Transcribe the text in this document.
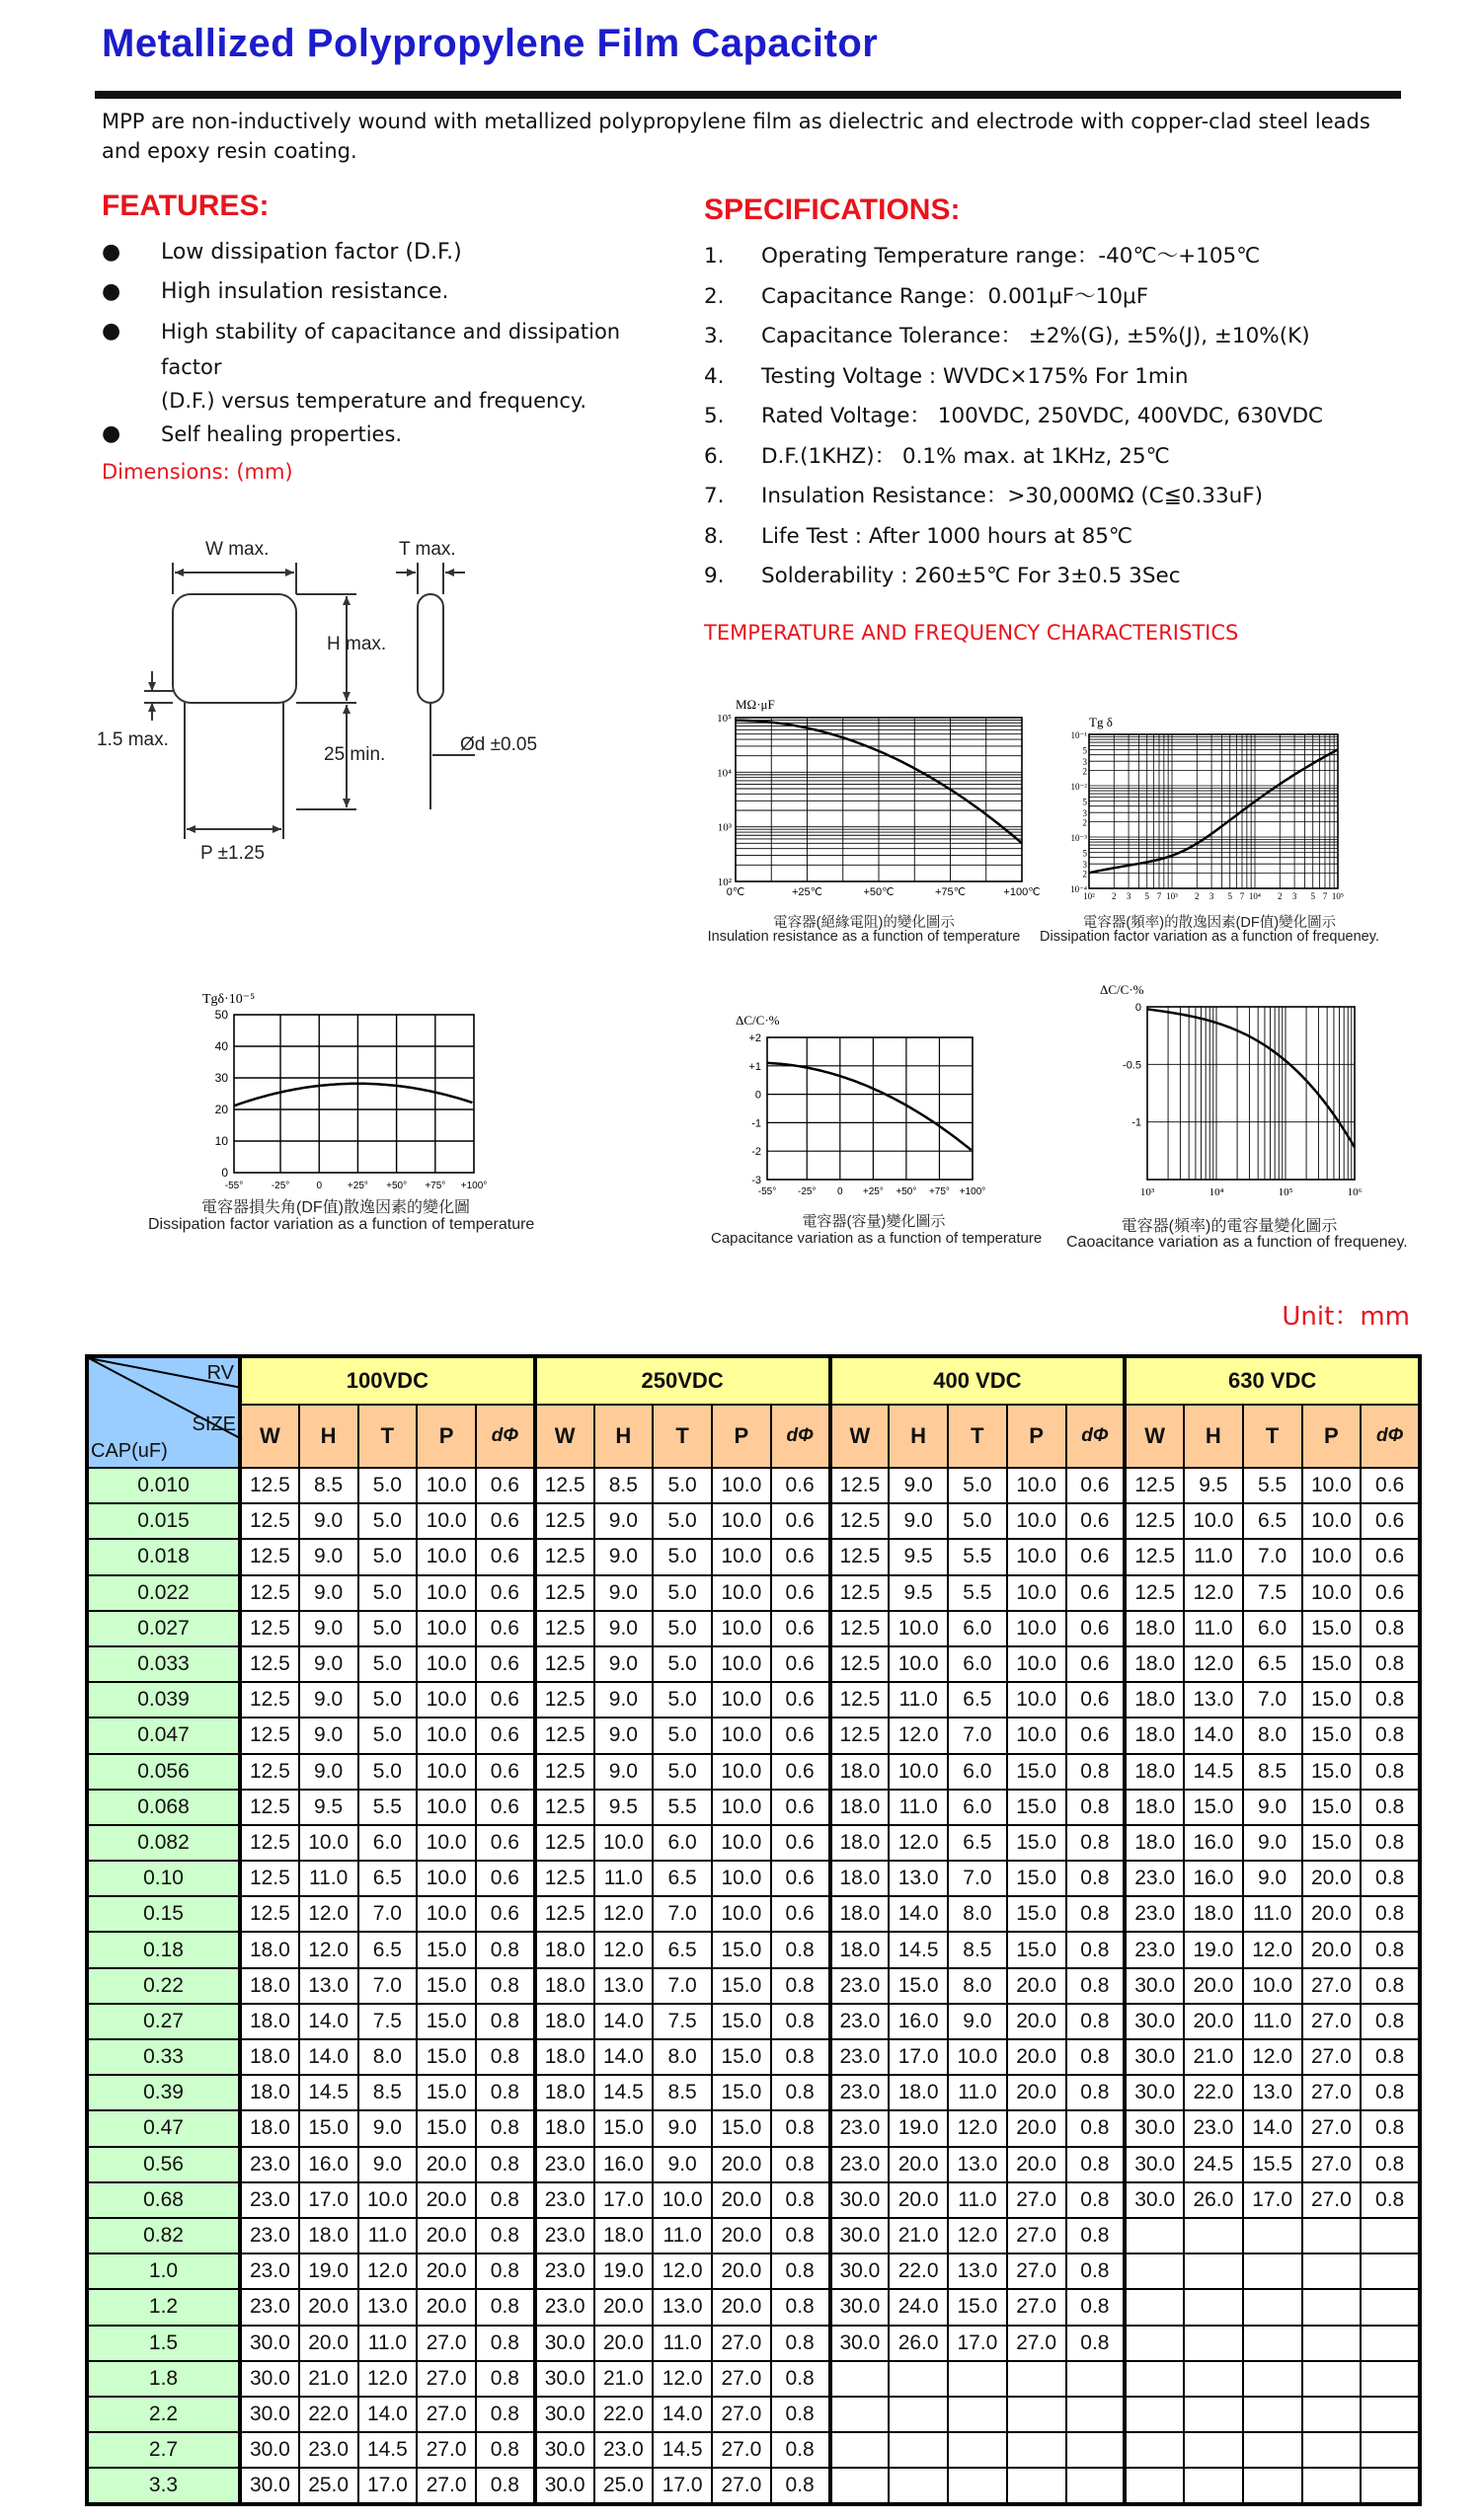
Metallized Polypropylene Film Capacitor
MPP are non-inductively wound with metallized polypropylene film as dielectric and electrode with copper-clad steel leads and epoxy resin coating.
FEATURES:
● Low dissipation factor (D.F.)
● High insulation resistance.
● High stability of capacitance and dissipation factor
(D.F.) versus temperature and frequency.
● Self healing properties.
SPECIFICATIONS:
1. Operating Temperature range：-40℃～+105℃
2. Capacitance Range：0.001μF～10μF
3. Capacitance Tolerance： ±2%(G), ±5%(J), ±10%(K)
4. Testing Voltage : WVDC×175% For 1min
5. Rated Voltage： 100VDC, 250VDC, 400VDC, 630VDC
6. D.F.(1KHZ)： 0.1% max. at 1KHz, 25℃
7. Insulation Resistance：>30,000MΩ (C≦0.33uF)
8. Life Test : After 1000 hours at 85℃
9. Solderability : 260±5℃ For 3±0.5 3Sec
Dimensions: (mm)
W max.	T max.
H max.
25 min.
1.5 max.	Ød ±0.05
P ±1.25
TEMPERATURE AND FREQUENCY CHARACTERISTICS
MΩ·μF
10⁵
10⁴
10³
10²
0℃	+25℃	+50℃	+75℃	+100℃
電容器(絕緣電阻)的變化圖示
Insulation resistance as a function of temperature
Tg δ
10⁻¹
5
3
2
10⁻²
5
3
2
10⁻³
5
3
2
10⁻⁴
10² 2 3 5 7 10³ 2 3 5 7 10⁴ 2 3 5 7 10⁵
電容器(頻率)的散逸因素(DF值)變化圖示
Dissipation factor variation as a function of frequeney.
Tgδ·10⁻⁵
50
40
30
20
10
0
-55°	-25°	0	+25° +50° +75° +100°
電容器損失角(DF值)散逸因素的變化圖
Dissipation factor variation as a function of temperature
ΔC/C·%
+2
+1
0
-1
-2
-3
-55° -25° 0 +25° +50° +75° +100°
電容器(容量)變化圖示
Capacitance variation as a function of temperature
ΔC/C·%
0
-0.5
-1
10³	10⁴	10⁵	10⁶
電容器(頻率)的電容量變化圖示
Caoacitance variation as a function of frequeney.
Unit：mm
RV
SIZE
CAP(uF)	100VDC					250VDC					400 VDC					630 VDC				
	W	H	T	P	dΦ	W	H	T	P	dΦ	W	H	T	P	dΦ	W	H	T	P	dΦ
0.010	12.5	8.5	5.0	10.0	0.6	12.5	8.5	5.0	10.0	0.6	12.5	9.0	5.0	10.0	0.6	12.5	9.5	5.5	10.0	0.6
0.015	12.5	9.0	5.0	10.0	0.6	12.5	9.0	5.0	10.0	0.6	12.5	9.0	5.0	10.0	0.6	12.5	10.0	6.5	10.0	0.6
0.018	12.5	9.0	5.0	10.0	0.6	12.5	9.0	5.0	10.0	0.6	12.5	9.5	5.5	10.0	0.6	12.5	11.0	7.0	10.0	0.6
0.022	12.5	9.0	5.0	10.0	0.6	12.5	9.0	5.0	10.0	0.6	12.5	9.5	5.5	10.0	0.6	12.5	12.0	7.5	10.0	0.6
0.027	12.5	9.0	5.0	10.0	0.6	12.5	9.0	5.0	10.0	0.6	12.5	10.0	6.0	10.0	0.6	18.0	11.0	6.0	15.0	0.8
0.033	12.5	9.0	5.0	10.0	0.6	12.5	9.0	5.0	10.0	0.6	12.5	10.0	6.0	10.0	0.6	18.0	12.0	6.5	15.0	0.8
0.039	12.5	9.0	5.0	10.0	0.6	12.5	9.0	5.0	10.0	0.6	12.5	11.0	6.5	10.0	0.6	18.0	13.0	7.0	15.0	0.8
0.047	12.5	9.0	5.0	10.0	0.6	12.5	9.0	5.0	10.0	0.6	12.5	12.0	7.0	10.0	0.6	18.0	14.0	8.0	15.0	0.8
0.056	12.5	9.0	5.0	10.0	0.6	12.5	9.0	5.0	10.0	0.6	18.0	10.0	6.0	15.0	0.8	18.0	14.5	8.5	15.0	0.8
0.068	12.5	9.5	5.5	10.0	0.6	12.5	9.5	5.5	10.0	0.6	18.0	11.0	6.0	15.0	0.8	18.0	15.0	9.0	15.0	0.8
0.082	12.5	10.0	6.0	10.0	0.6	12.5	10.0	6.0	10.0	0.6	18.0	12.0	6.5	15.0	0.8	18.0	16.0	9.0	15.0	0.8
0.10	12.5	11.0	6.5	10.0	0.6	12.5	11.0	6.5	10.0	0.6	18.0	13.0	7.0	15.0	0.8	23.0	16.0	9.0	20.0	0.8
0.15	12.5	12.0	7.0	10.0	0.6	12.5	12.0	7.0	10.0	0.6	18.0	14.0	8.0	15.0	0.8	23.0	18.0	11.0	20.0	0.8
0.18	18.0	12.0	6.5	15.0	0.8	18.0	12.0	6.5	15.0	0.8	18.0	14.5	8.5	15.0	0.8	23.0	19.0	12.0	20.0	0.8
0.22	18.0	13.0	7.0	15.0	0.8	18.0	13.0	7.0	15.0	0.8	23.0	15.0	8.0	20.0	0.8	30.0	20.0	10.0	27.0	0.8
0.27	18.0	14.0	7.5	15.0	0.8	18.0	14.0	7.5	15.0	0.8	23.0	16.0	9.0	20.0	0.8	30.0	20.0	11.0	27.0	0.8
0.33	18.0	14.0	8.0	15.0	0.8	18.0	14.0	8.0	15.0	0.8	23.0	17.0	10.0	20.0	0.8	30.0	21.0	12.0	27.0	0.8
0.39	18.0	14.5	8.5	15.0	0.8	18.0	14.5	8.5	15.0	0.8	23.0	18.0	11.0	20.0	0.8	30.0	22.0	13.0	27.0	0.8
0.47	18.0	15.0	9.0	15.0	0.8	18.0	15.0	9.0	15.0	0.8	23.0	19.0	12.0	20.0	0.8	30.0	23.0	14.0	27.0	0.8
0.56	23.0	16.0	9.0	20.0	0.8	23.0	16.0	9.0	20.0	0.8	23.0	20.0	13.0	20.0	0.8	30.0	24.5	15.5	27.0	0.8
0.68	23.0	17.0	10.0	20.0	0.8	23.0	17.0	10.0	20.0	0.8	30.0	20.0	11.0	27.0	0.8	30.0	26.0	17.0	27.0	0.8
0.82	23.0	18.0	11.0	20.0	0.8	23.0	18.0	11.0	20.0	0.8	30.0	21.0	12.0	27.0	0.8					
1.0	23.0	19.0	12.0	20.0	0.8	23.0	19.0	12.0	20.0	0.8	30.0	22.0	13.0	27.0	0.8					
1.2	23.0	20.0	13.0	20.0	0.8	23.0	20.0	13.0	20.0	0.8	30.0	24.0	15.0	27.0	0.8					
1.5	30.0	20.0	11.0	27.0	0.8	30.0	20.0	11.0	27.0	0.8	30.0	26.0	17.0	27.0	0.8					
1.8	30.0	21.0	12.0	27.0	0.8	30.0	21.0	12.0	27.0	0.8										
2.2	30.0	22.0	14.0	27.0	0.8	30.0	22.0	14.0	27.0	0.8										
2.7	30.0	23.0	14.5	27.0	0.8	30.0	23.0	14.5	27.0	0.8										
3.3	30.0	25.0	17.0	27.0	0.8	30.0	25.0	17.0	27.0	0.8										
